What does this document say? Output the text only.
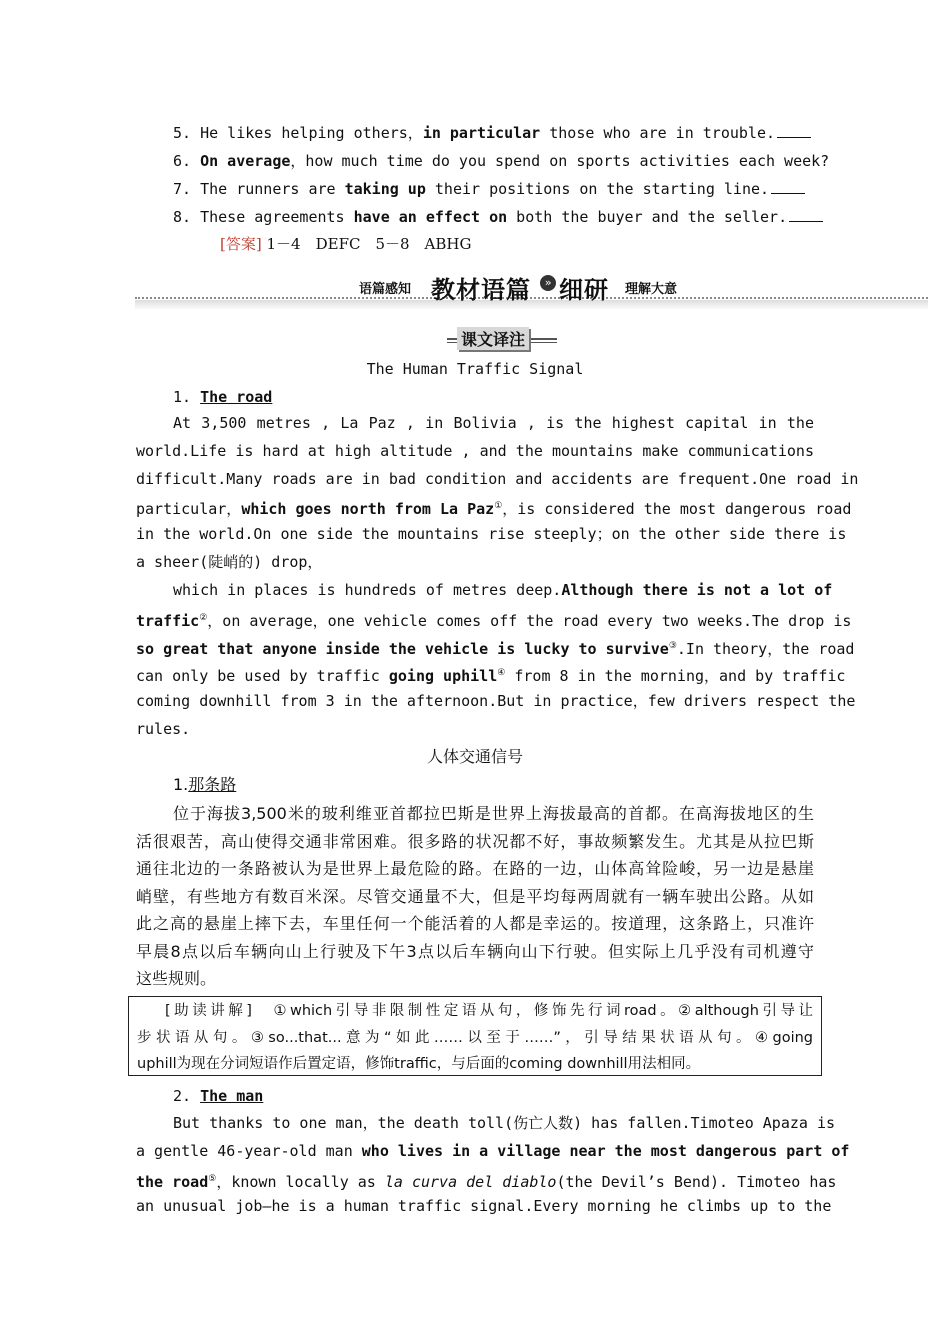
5. He likes helping others，in particular those who are in trouble.
6. On average，how much time do you spend on sports activities each week?
7. The runners are taking up their positions on the starting line.
8. These agreements have an effect on both the buyer and the seller.
[答案] 1－4　DEFC　5－8　ABHG
语篇感知 教材语篇	» 细研 理解大意
课文译注
The Human Traffic Signal
1. The road
At 3,500 metres , La Paz , in Bolivia , is the highest capital in the
world.Life is hard at high altitude , and the mountains make communications
difficult.Many roads are in bad condition and accidents are frequent.One road in
particular，which goes north from La Paz①，is considered the most dangerous road
in the world.On one side the mountains rise steeply；on the other side there is
a sheer(陡峭的) drop，
which in places is hundreds of metres deep.Although there is not a lot of
traffic②，on average，one vehicle comes off the road every two weeks.The drop is
so great that anyone inside the vehicle is lucky to survive③.In theory，the road
can only be used by traffic going uphill④ from 8 in the morning，and by traffic
coming downhill from 3 in the afternoon.But in practice，few drivers respect the
rules.
人体交通信号
1.那条路
位于海拔3,500米的玻利维亚首都拉巴斯是世界上海拔最高的首都。在高海拔地区的生
活很艰苦，高山使得交通非常困难。很多路的状况都不好，事故频繁发生。尤其是从拉巴斯
通往北边的一条路被认为是世界上最危险的路。在路的一边，山体高耸险峻，另一边是悬崖
峭壁，有些地方有数百米深。尽管交通量不大，但是平均每两周就有一辆车驶出公路。从如
此之高的悬崖上摔下去，车里任何一个能活着的人都是幸运的。按道理，这条路上，只准许
早晨8点以后车辆向山上行驶及下午3点以后车辆向山下行驶。但实际上几乎没有司机遵守
这些规则。
[助读讲解]　①which引导非限制性定语从句，修饰先行词road。②although引导让
步状语从句。③so...that...意为“如此……以至于……”，引导结果状语从句。④going
uphill为现在分词短语作后置定语，修饰traffic，与后面的coming downhill用法相同。
2. The man
But thanks to one man，the death toll(伤亡人数) has fallen.Timoteo Apaza is
a gentle 46-year-old man who lives in a village near the most dangerous part of
the road⑤，known locally as la curva del diablo(the Devil’s Bend). Timoteo has
an unusual job—he is a human traffic signal.Every morning he climbs up to the
